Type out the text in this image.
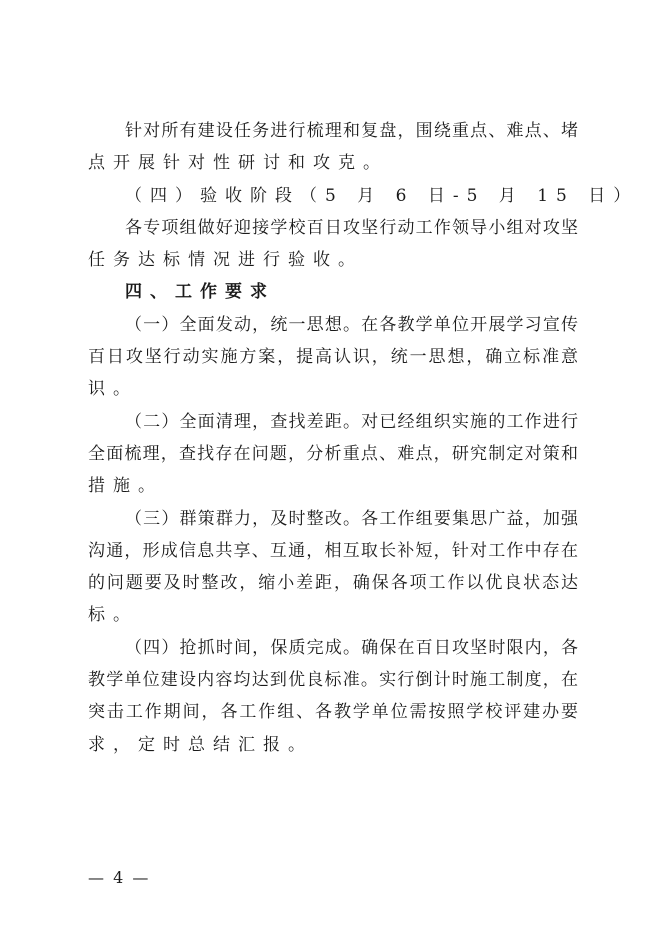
针对所有建设任务进行梳理和复盘，围绕重点、难点、堵
点开展针对性研讨和攻克。
（四）验收阶段（5 月 6 日-5 月 15 日）
各专项组做好迎接学校百日攻坚行动工作领导小组对攻坚
任务达标情况进行验收。
四、工作要求
（一）全面发动，统一思想。在各教学单位开展学习宣传
百日攻坚行动实施方案，提高认识，统一思想，确立标准意
识。
（二）全面清理，查找差距。对已经组织实施的工作进行
全面梳理，查找存在问题，分析重点、难点，研究制定对策和
措施。
（三）群策群力，及时整改。各工作组要集思广益，加强
沟通，形成信息共享、互通，相互取长补短，针对工作中存在
的问题要及时整改，缩小差距，确保各项工作以优良状态达
标。
（四）抢抓时间，保质完成。确保在百日攻坚时限内，各
教学单位建设内容均达到优良标准。实行倒计时施工制度，在
突击工作期间，各工作组、各教学单位需按照学校评建办要
求，定时总结汇报。
— 4 —
